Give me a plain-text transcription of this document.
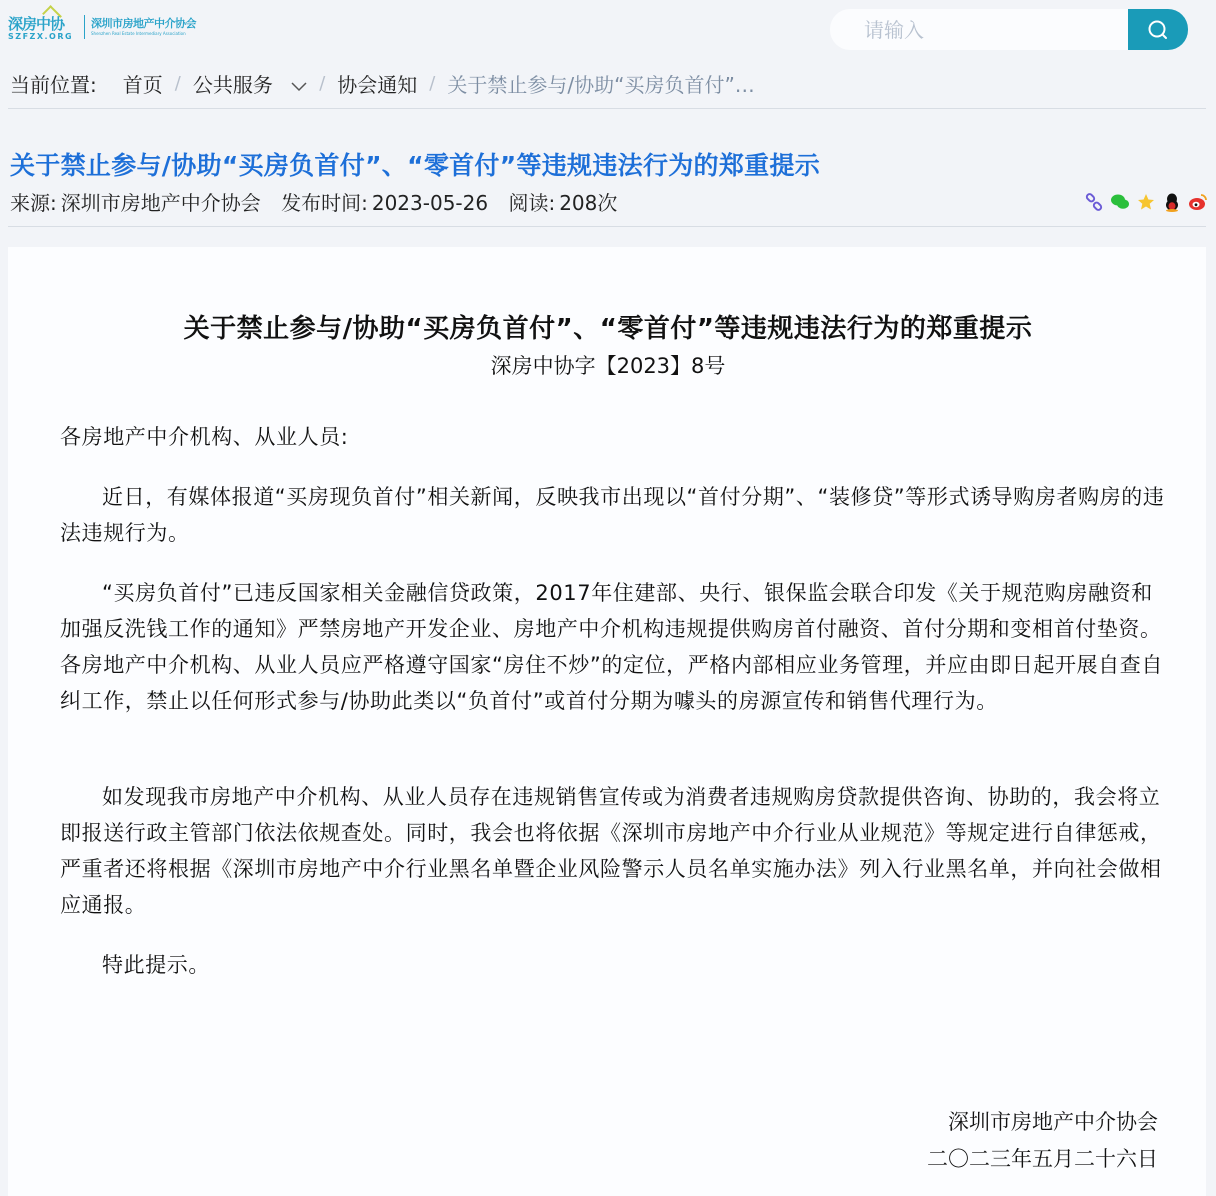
深房中协
SZFZX.ORG
深圳市房地产中介协会
Shenzhen Real Estate Intermediary Association
请输入
当前位置: 首页 / 公共服务	/ 协会通知 / 关于禁止参与/协助“买房负首付”…
关于禁止参与/协助“买房负首付”、“零首付”等违规违法行为的郑重提示
来源: 深圳市房地产中介协会 发布时间: 2023-05-26 阅读: 208次
关于禁止参与/协助“买房负首付”、“零首付”等违规违法行为的郑重提示
深房中协字【2023】8号
各房地产中介机构、从业人员:
近日，有媒体报道“买房现负首付”相关新闻，反映我市出现以“首付分期”、“装修贷”等形式诱导购房者购房的违法违规行为。
“买房负首付”已违反国家相关金融信贷政策，2017年住建部、央行、银保监会联合印发《关于规范购房融资和加强反洗钱工作的通知》严禁房地产开发企业、房地产中介机构违规提供购房首付融资、首付分期和变相首付垫资。各房地产中介机构、从业人员应严格遵守国家“房住不炒”的定位，严格内部相应业务管理，并应由即日起开展自查自纠工作，禁止以任何形式参与/协助此类以“负首付”或首付分期为噱头的房源宣传和销售代理行为。
如发现我市房地产中介机构、从业人员存在违规销售宣传或为消费者违规购房贷款提供咨询、协助的，我会将立即报送行政主管部门依法依规查处。同时，我会也将依据《深圳市房地产中介行业从业规范》等规定进行自律惩戒，严重者还将根据《深圳市房地产中介行业黑名单暨企业风险警示人员名单实施办法》列入行业黑名单，并向社会做相应通报。
特此提示。
深圳市房地产中介协会
二〇二三年五月二十六日
